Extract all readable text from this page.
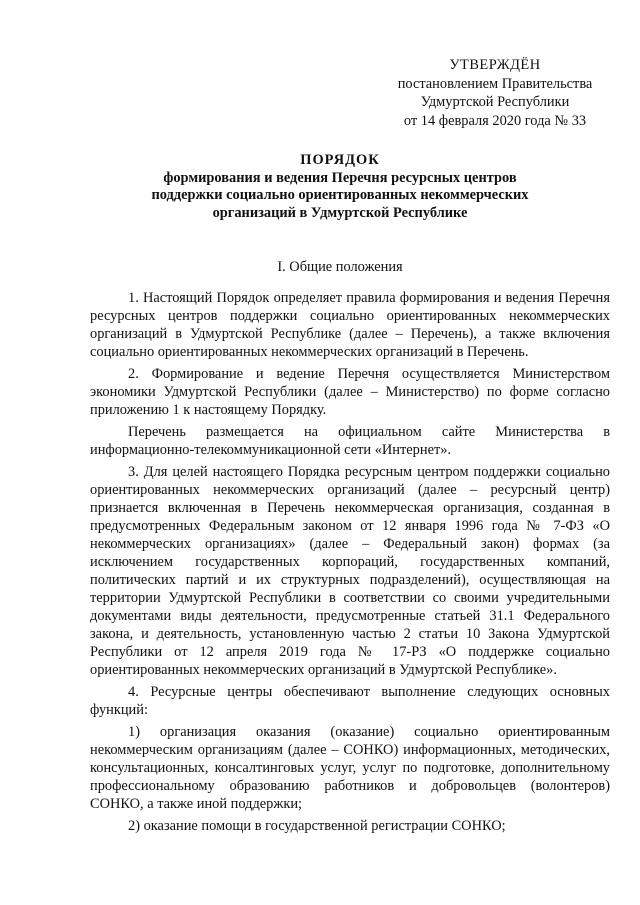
УТВЕРЖДЁН
постановлением Правительства
Удмуртской Республики
от 14 февраля 2020 года № 33
ПОРЯДОК
формирования и ведения Перечня ресурсных центров
поддержки социально ориентированных некоммерческих
организаций в Удмуртской Республике
I. Общие положения

1. Настоящий Порядок определяет правила формирования и ведения Перечня ресурсных центров поддержки социально ориентированных некоммерческих организаций в Удмуртской Республике (далее – Перечень), а также включения социально ориентированных некоммерческих организаций в Перечень.

2. Формирование и ведение Перечня осуществляется Министерством экономики Удмуртской Республики (далее – Министерство) по форме согласно приложению 1 к настоящему Порядку.

Перечень размещается на официальном сайте Министерства в информационно-телекоммуникационной сети «Интернет».

3. Для целей настоящего Порядка ресурсным центром поддержки социально ориентированных некоммерческих организаций (далее – ресурсный центр) признается включенная в Перечень некоммерческая организация, созданная в предусмотренных Федеральным законом от 12 января 1996 года № 7-ФЗ «О некоммерческих организациях» (далее – Федеральный закон) формах (за исключением государственных корпораций, государственных компаний, политических партий и их структурных подразделений), осуществляющая на территории Удмуртской Республики в соответствии со своими учредительными документами виды деятельности, предусмотренные статьей 31.1 Федерального закона, и деятельность, установленную частью 2 статьи 10 Закона Удмуртской Республики от 12 апреля 2019 года № 17-РЗ «О поддержке социально ориентированных некоммерческих организаций в Удмуртской Республике».

4. Ресурсные центры обеспечивают выполнение следующих основных функций:

1) организация оказания (оказание) социально ориентированным некоммерческим организациям (далее – СОНКО) информационных, методических, консультационных, консалтинговых услуг, услуг по подготовке, дополнительному профессиональному образованию работников и добровольцев (волонтеров) СОНКО, а также иной поддержки;

2) оказание помощи в государственной регистрации СОНКО;
